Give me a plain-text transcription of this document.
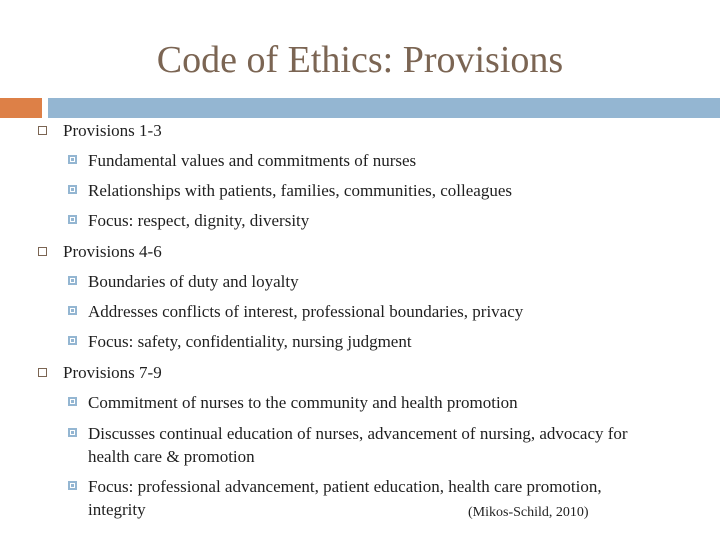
Code of Ethics: Provisions
Provisions 1-3
Fundamental values and commitments of nurses
Relationships with patients, families, communities, colleagues
Focus: respect, dignity, diversity
Provisions 4-6
Boundaries of duty and loyalty
Addresses conflicts of interest, professional boundaries, privacy
Focus: safety, confidentiality, nursing judgment
Provisions 7-9
Commitment of nurses to the community and health promotion
Discusses continual education of nurses, advancement of nursing, advocacy for health care & promotion
Focus: professional advancement, patient education, health care promotion, integrity	(Mikos-Schild, 2010)
